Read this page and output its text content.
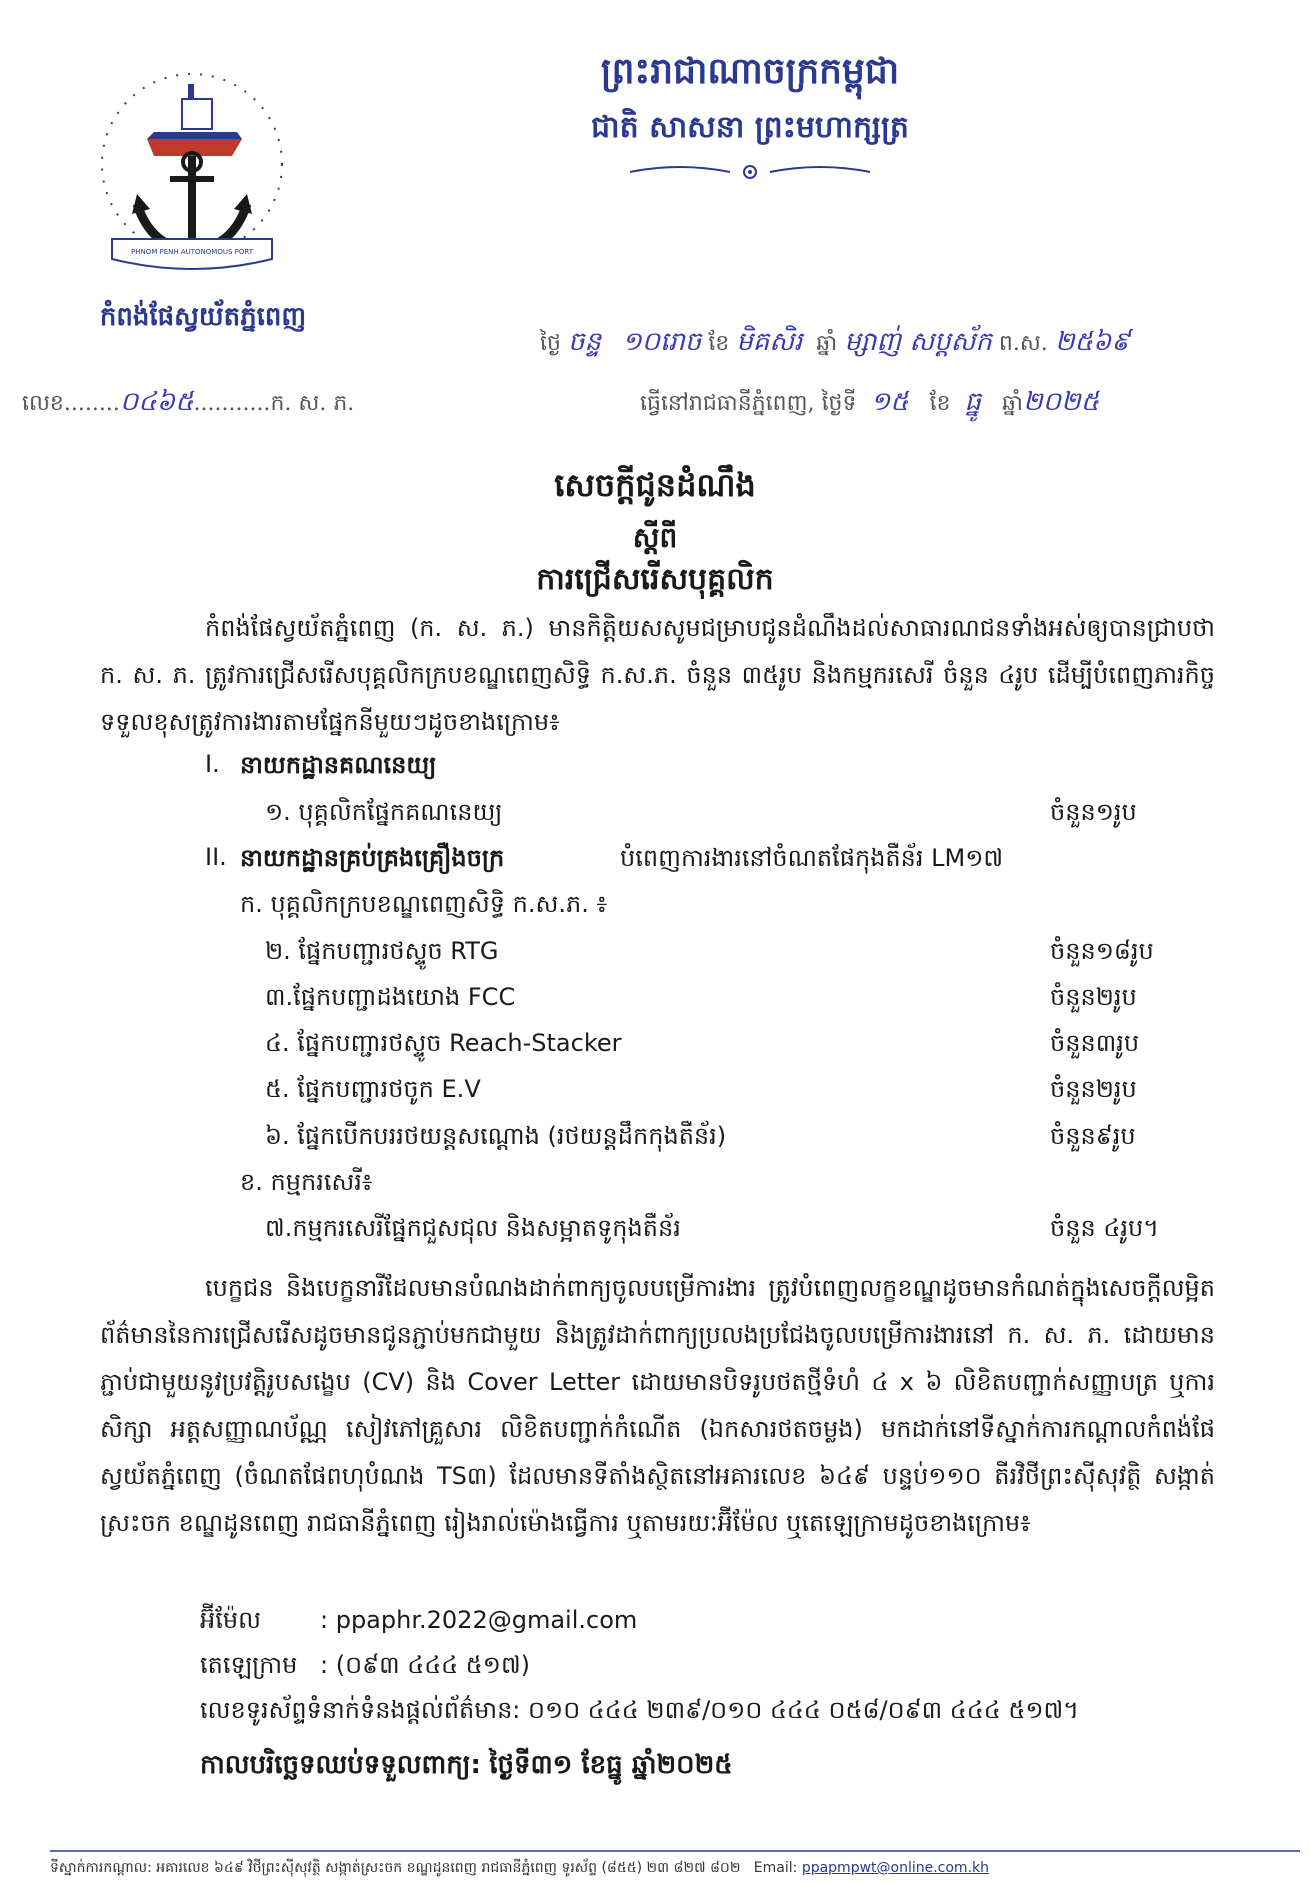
ព្រះរាជាណាចក្រកម្ពុជា
ជាតិ សាសនា ព្រះមហាក្សត្រ
PHNOM PENH AUTONOMOUS PORT
កំពង់ផែស្វយ័តភ្នំពេញ
លេខ........០៤៦៥...........ក. ស. ភ.
ថ្ងៃ ចន្ទ ១០រោច ខែ មិគសិរ ឆ្នាំ ម្សាញ់ សប្តស័ក ព.ស. ២៥៦៩
ធ្វើនៅរាជធានីភ្នំពេញ, ថ្ងៃទី ១៥ ខែ ធ្នូ ឆ្នាំ២០២៥
សេចក្តីជូនដំណឹង
ស្តីពី
ការជ្រើសរើសបុគ្គលិក
កំពង់ផែស្វយ័តភ្នំពេញ (ក. ស. ភ.) មានកិត្តិយសសូមជម្រាបជូនដំណឹងដល់សាធារណជនទាំងអស់ឲ្យបានជ្រាបថា ក. ស. ភ. ត្រូវការជ្រើសរើសបុគ្គលិកក្របខណ្ឌពេញសិទ្ធិ ក.ស.ភ. ចំនួន ៣៥រូប និងកម្មករសេរី ចំនួន ៤រូប ដើម្បីបំពេញភារកិច្ចទទួលខុសត្រូវការងារតាមផ្នែកនីមួយៗដូចខាងក្រោម៖
I. នាយកដ្ឋានគណនេយ្យ
១. បុគ្គលិកផ្នែកគណនេយ្យ	ចំនួន១រូប
II. នាយកដ្ឋានគ្រប់គ្រងគ្រឿងចក្រ	បំពេញការងារនៅចំណតផែកុងតឺន័រ LM១៧
ក. បុគ្គលិកក្របខណ្ឌពេញសិទ្ធិ ក.ស.ភ. ៖
២. ផ្នែកបញ្ជារថស្ទូច RTG	ចំនួន១៨រូប
៣.ផ្នែកបញ្ជាដងយោង FCC	ចំនួន២រូប
៤. ផ្នែកបញ្ជារថស្ទូច Reach-Stacker	ចំនួន៣រូប
៥. ផ្នែកបញ្ជារថចូក E.V	ចំនួន២រូប
៦. ផ្នែកបើកបររថយន្តសណ្តោង (រថយន្តដឹកកុងតឺន័រ)	ចំនួន៩រូប
ខ. កម្មករសេរី៖
៧.កម្មករសេរីផ្នែកជួសជុល និងសម្អាតទូកុងតឺន័រ	ចំនួន ៤រូប។
បេក្ខជន និងបេក្ខនារីដែលមានបំណងដាក់ពាក្យចូលបម្រើការងារ ត្រូវបំពេញលក្ខខណ្ឌដូចមានកំណត់ក្នុងសេចក្តីលម្អិតព័ត៌មាននៃការជ្រើសរើសដូចមានជូនភ្ជាប់មកជាមួយ និងត្រូវដាក់ពាក្យប្រលងប្រជែងចូលបម្រើការងារនៅ ក. ស. ភ. ដោយមានភ្ជាប់ជាមួយនូវប្រវត្តិរូបសង្ខេប (CV) និង Cover Letter ដោយមានបិទរូបថតថ្មីទំហំ ៤ x ៦ លិខិតបញ្ជាក់សញ្ញាបត្រ ឬការសិក្សា អត្តសញ្ញាណប័ណ្ណ សៀវភៅគ្រួសារ លិខិតបញ្ជាក់កំណើត (ឯកសារថតចម្លង) មកដាក់នៅទីស្នាក់ការកណ្តាលកំពង់ផែស្វយ័តភ្នំពេញ (ចំណតផែពហុបំណង TS៣) ដែលមានទីតាំងស្ថិតនៅអគារលេខ ៦៤៩ បន្ទប់១១០ តីរវិថីព្រះស៊ីសុវត្ថិ សង្កាត់ស្រះចក ខណ្ឌដូនពេញ រាជធានីភ្នំពេញ រៀងរាល់ម៉ោងធ្វើការ ឬតាមរយៈអ៊ីម៉ែល ឬតេឡេក្រាមដូចខាងក្រោម៖
អ៊ីម៉ែល : ppaphr.2022@gmail.com
តេឡេក្រាម : (០៩៣ ៤៤៤ ៥១៧)
លេខទូរស័ព្ទទំនាក់ទំនងផ្តល់ព័ត៌មាន: ០១០ ៤៤៤ ២៣៩/០១០ ៤៤៤ ០៥៨/០៩៣ ៤៤៤ ៥១៧។
កាលបរិច្ឆេទឈប់ទទួលពាក្យ: ថ្ងៃទី៣១ ខែធ្នូ ឆ្នាំ២០២៥
ទីស្នាក់ការកណ្តាល: អគារលេខ ៦៤៩ វិថីព្រះស៊ីសុវត្ថិ សង្កាត់ស្រះចក ខណ្ឌដូនពេញ រាជធានីភ្នំពេញ ទូរស័ព្ទ (៨៥៥) ២៣ ៨២៧ ៨០២ Email: ppapmpwt@online.com.kh
